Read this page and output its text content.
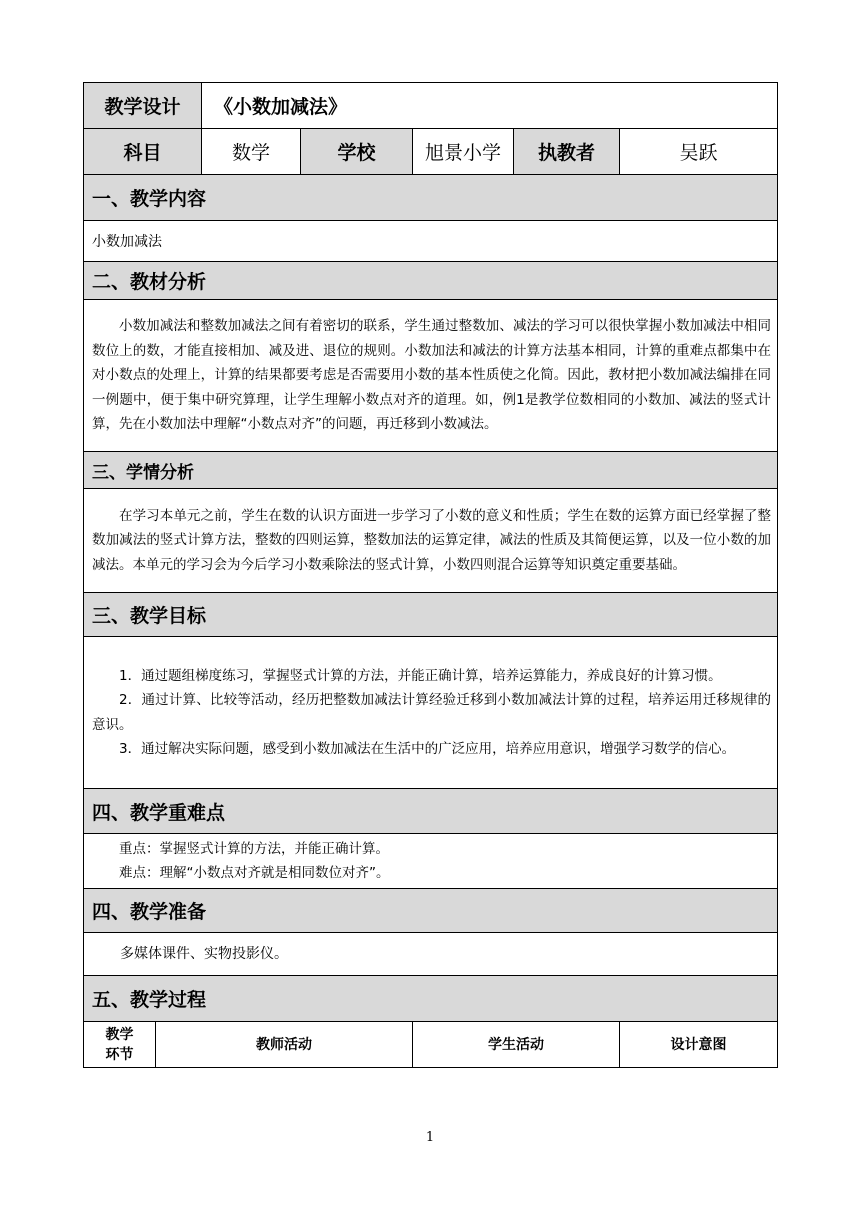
教学设计		《小数加减法》				
科目		数学	学校	旭景小学	执教者	吴跃
一、教学内容						
小数加减法						
二、教材分析						

小数加减法和整数加减法之间有着密切的联系，学生通过整数加、减法的学习可以很快掌握小数加减法中相同数位上的数，才能直接相加、减及进、退位的规则。小数加法和减法的计算方法基本相同，计算的重难点都集中在对小数点的处理上，计算的结果都要考虑是否需要用小数的基本性质使之化简。因此，教材把小数加减法编排在同一例题中，便于集中研究算理，让学生理解小数点对齐的道理。如，例1是教学位数相同的小数加、减法的竖式计算，先在小数加法中理解“小数点对齐”的问题，再迁移到小数减法。						

三、学情分析						

在学习本单元之前，学生在数的认识方面进一步学习了小数的意义和性质；学生在数的运算方面已经掌握了整数加减法的竖式计算方法，整数的四则运算，整数加法的运算定律，减法的性质及其简便运算，以及一位小数的加减法。本单元的学习会为今后学习小数乘除法的竖式计算，小数四则混合运算等知识奠定重要基础。						

三、教学目标						

1．通过题组梯度练习，掌握竖式计算的方法，并能正确计算，培养运算能力，养成良好的计算习惯。

2．通过计算、比较等活动，经历把整数加减法计算经验迁移到小数加减法计算的过程，培养运用迁移规律的意识。

3．通过解决实际问题，感受到小数加减法在生活中的广泛应用，培养应用意识，增强学习数学的信心。						

四、教学重难点						

重点：掌握竖式计算的方法，并能正确计算。

难点：理解“小数点对齐就是相同数位对齐”。						

四、教学准备						

多媒体课件、实物投影仪。						

五、教学过程						

教学
环节	教师活动			学生活动		设计意图
1
